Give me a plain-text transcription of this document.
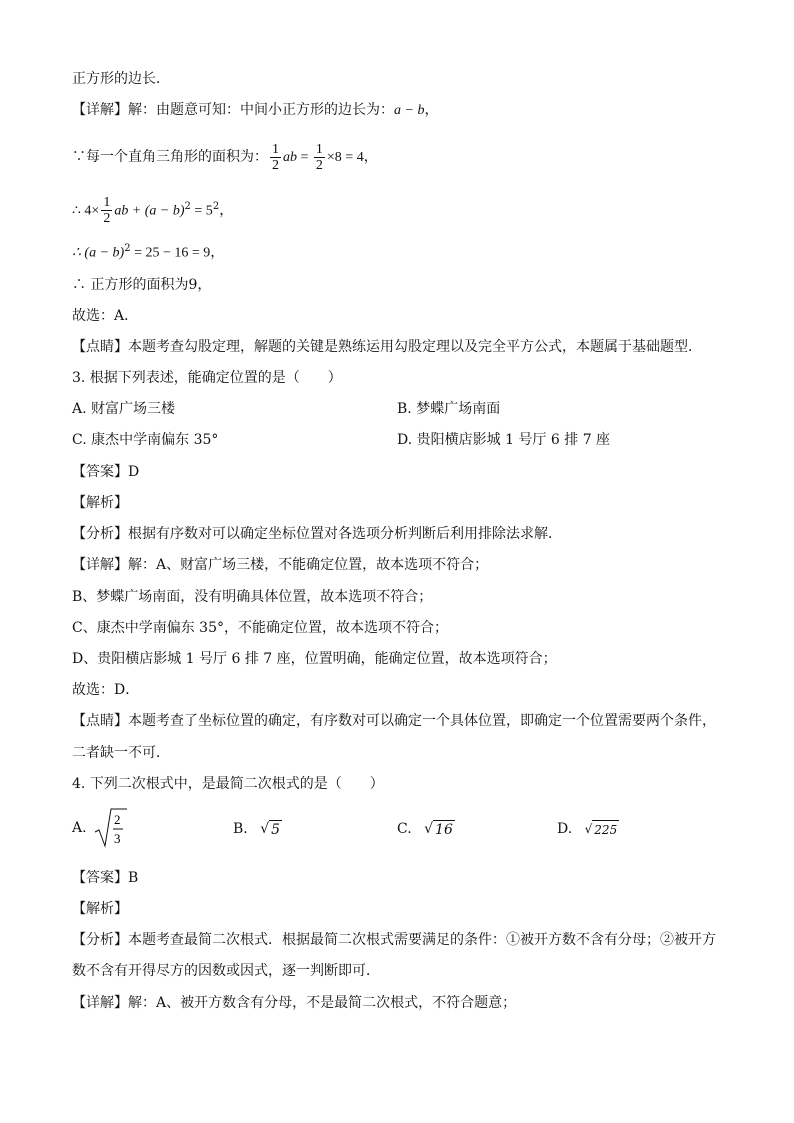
正方形的边长．
【详解】解：由题意可知：中间小正方形的边长为：a − b，
∵每一个直角三角形的面积为： $\frac{1}{2}$ ab = $\frac{1}{2} \times 8 = 4$，
∴ $4\times \frac{1}{2}$ ab + $(a - b)^2 = 5^2$，
∴ $(a - b)^2 = 25 - 16 = 9$，
∴ 正方形的面积为9，
故选：A．
【点睛】本题考查勾股定理，解题的关键是熟练运用勾股定理以及完全平方公式，本题属于基础题型．
3. 根据下列表述，能确定位置的是（　　）
A. 财富广场三楼	B. 梦蝶广场南面
C. 康杰中学南偏东 35°	D. 贵阳横店影城 1 号厅 6 排 7 座
【答案】D
【解析】
【分析】根据有序数对可以确定坐标位置对各选项分析判断后利用排除法求解．
【详解】解：A、财富广场三楼，不能确定位置，故本选项不符合；
B、梦蝶广场南面，没有明确具体位置，故本选项不符合；
C、康杰中学南偏东 35°，不能确定位置，故本选项不符合；
D、贵阳横店影城 1 号厅 6 排 7 座，位置明确，能确定位置，故本选项符合；
故选：D．
【点睛】本题考查了坐标位置的确定，有序数对可以确定一个具体位置，即确定一个位置需要两个条件，
二者缺一不可．
4. 下列二次根式中，是最简二次根式的是（　　）
A.
2
3
B. √ 5	C. √ 16	D. √ 225
【答案】B
【解析】
【分析】本题考查最简二次根式．根据最简二次根式需要满足的条件：①被开方数不含有分母；②被开方
数不含有开得尽方的因数或因式，逐一判断即可．
【详解】解：A、被开方数含有分母，不是最简二次根式，不符合题意；
